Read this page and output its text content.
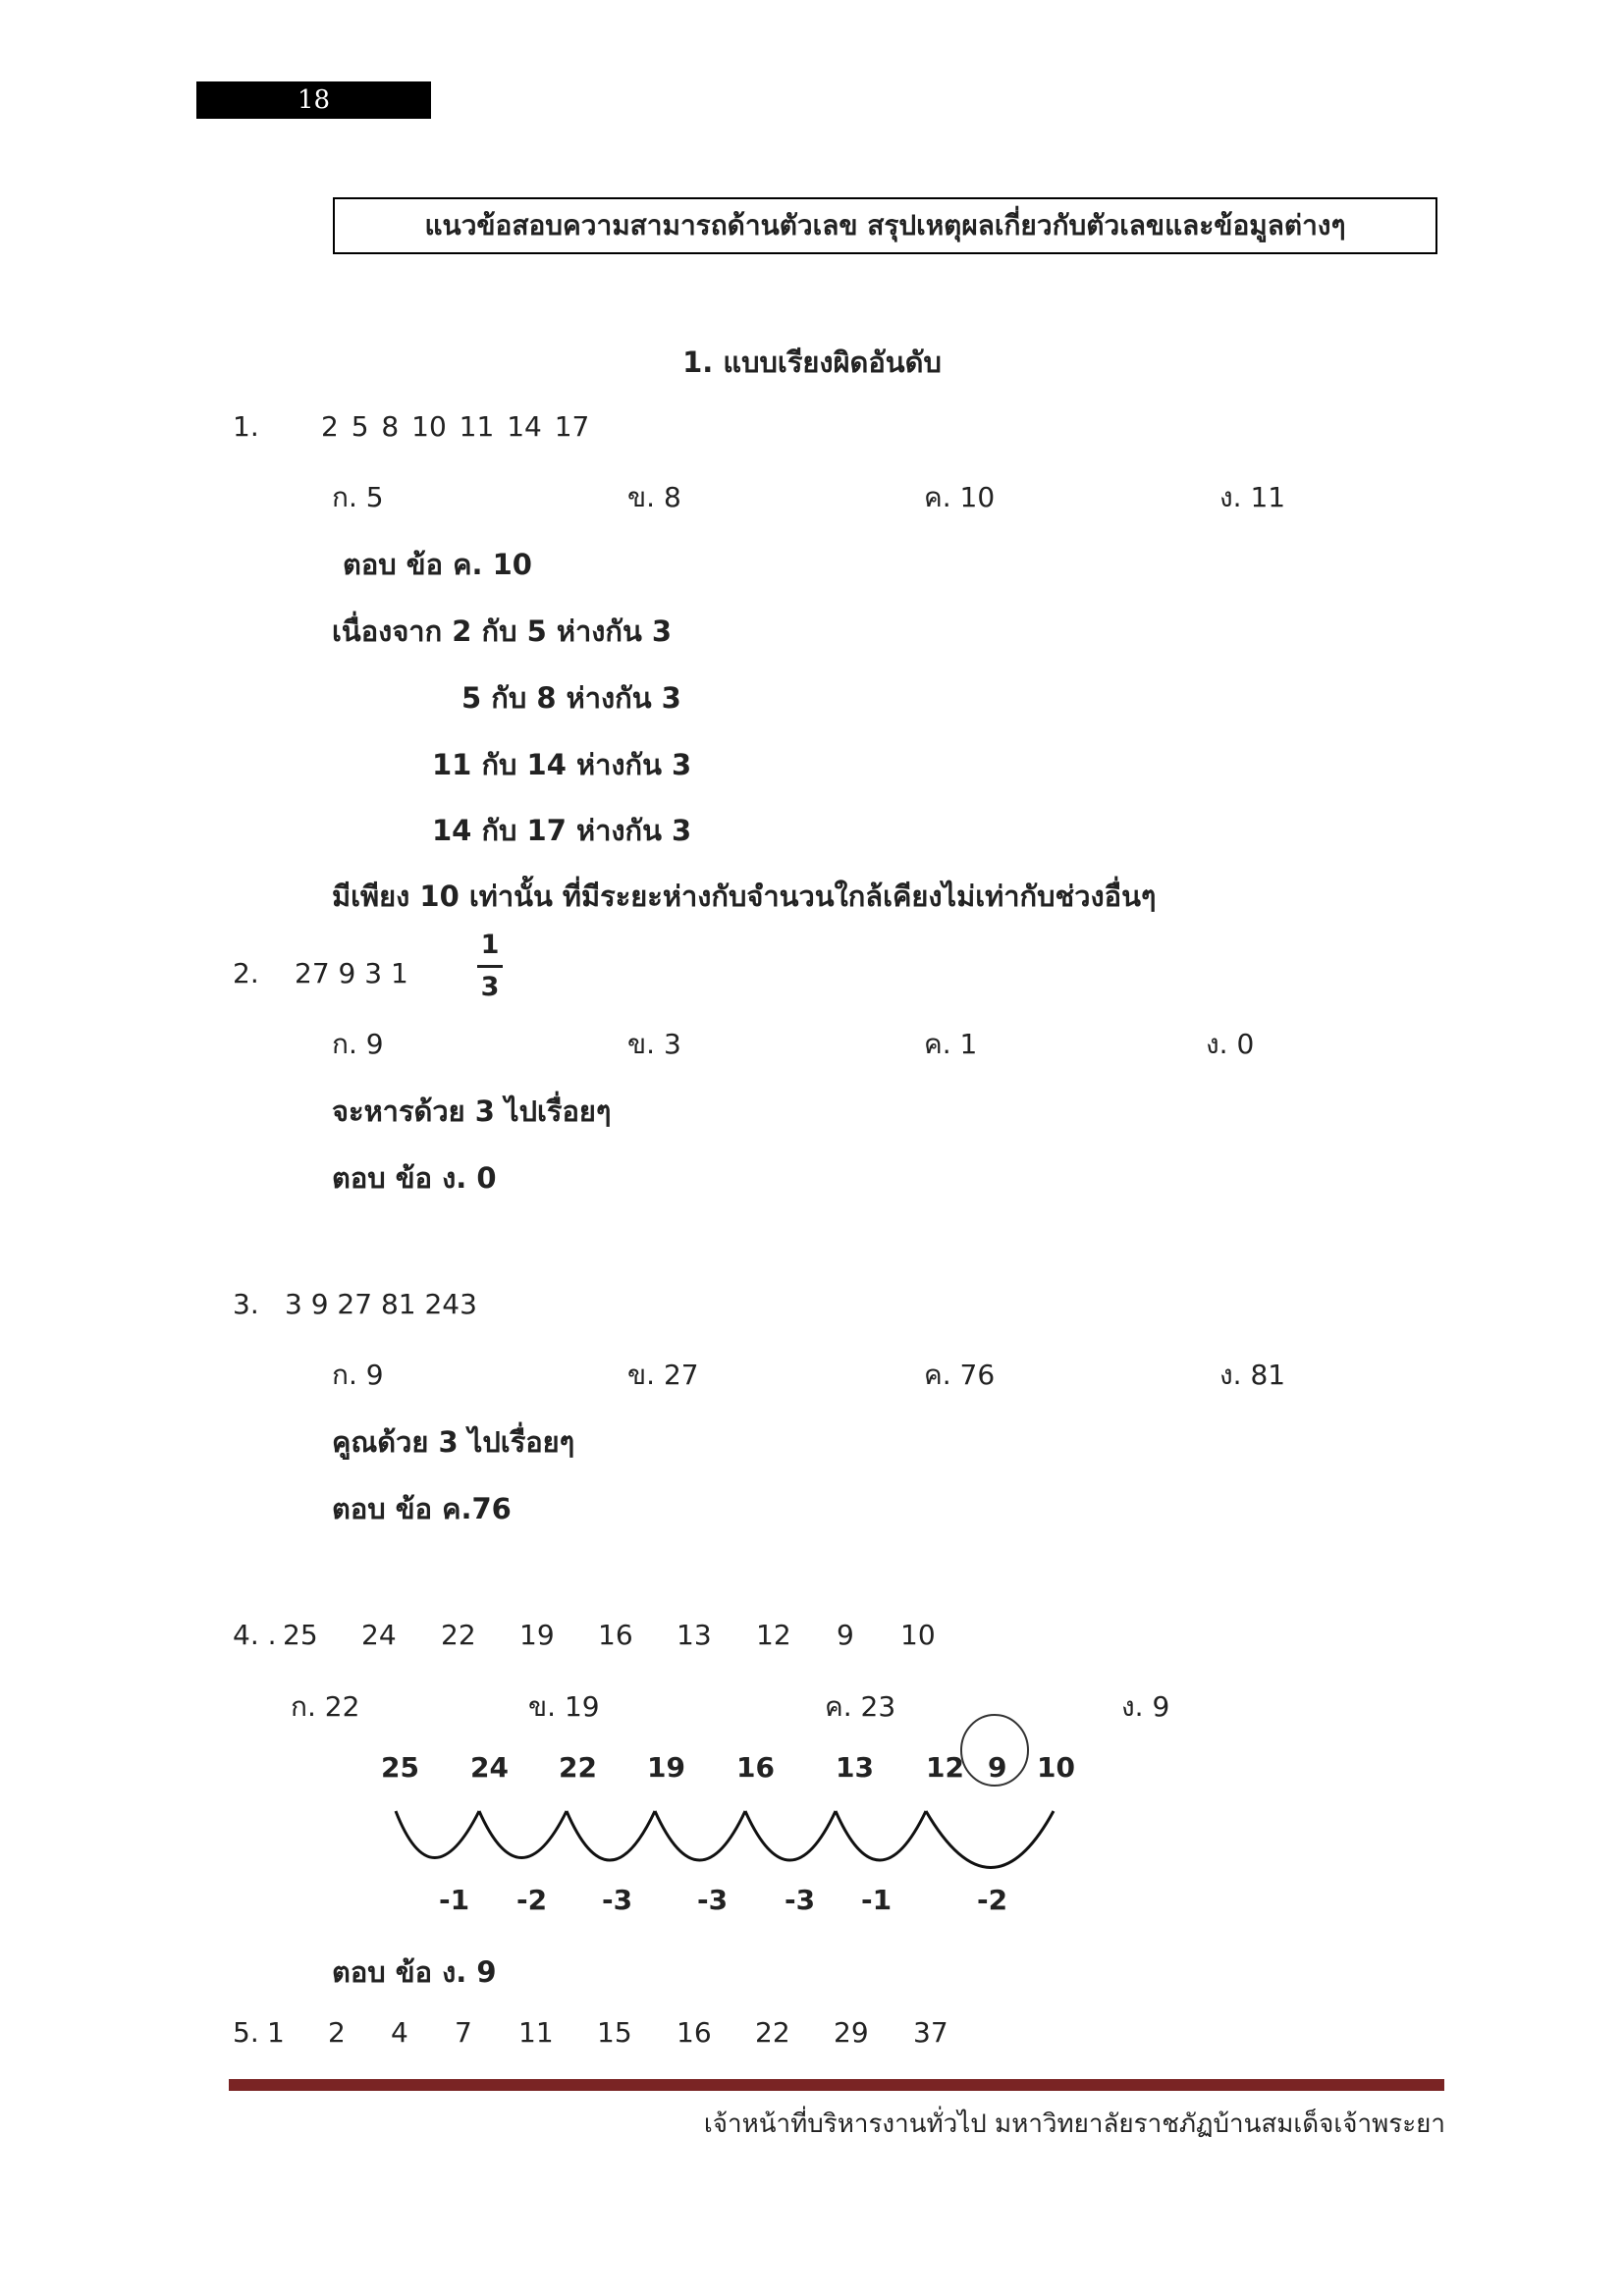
18
แนวข้อสอบความสามารถด้านตัวเลข สรุปเหตุผลเกี่ยวกับตัวเลขและข้อมูลต่างๆ
1. แบบเรียงผิดอันดับ
1. 2 5 8 10 11 14 17
ก. 5	ข. 8	ค. 10	ง. 11
ตอบ ข้อ ค. 10
เนื่องจาก 2 กับ 5 ห่างกัน 3
5 กับ 8 ห่างกัน 3
11 กับ 14 ห่างกัน 3
14 กับ 17 ห่างกัน 3
มีเพียง 10 เท่านั้น ที่มีระยะห่างกับจำนวนใกล้เคียงไม่เท่ากับช่วงอื่นๆ
2. 27 9 3 1
1
3
ก. 9	ข. 3	ค. 1	ง. 0
จะหารด้วย 3 ไปเรื่อยๆ
ตอบ ข้อ ง. 0
3. 3 9 27 81 243
ก. 9	ข. 27	ค. 76	ง. 81
คูณด้วย 3 ไปเรื่อยๆ
ตอบ ข้อ ค.76
4. . 25 24 22 19 16 13 12 9 10
ก. 22	ข. 19	ค. 23	ง. 9
25 24 22 19 16 13 12 9 10
-1 -2 -3 -3 -3 -1	-2
ตอบ ข้อ ง. 9
5. 1 2 4 7 11 15 16 22 29 37
เจ้าหน้าที่บริหารงานทั่วไป มหาวิทยาลัยราชภัฏบ้านสมเด็จเจ้าพระยา
